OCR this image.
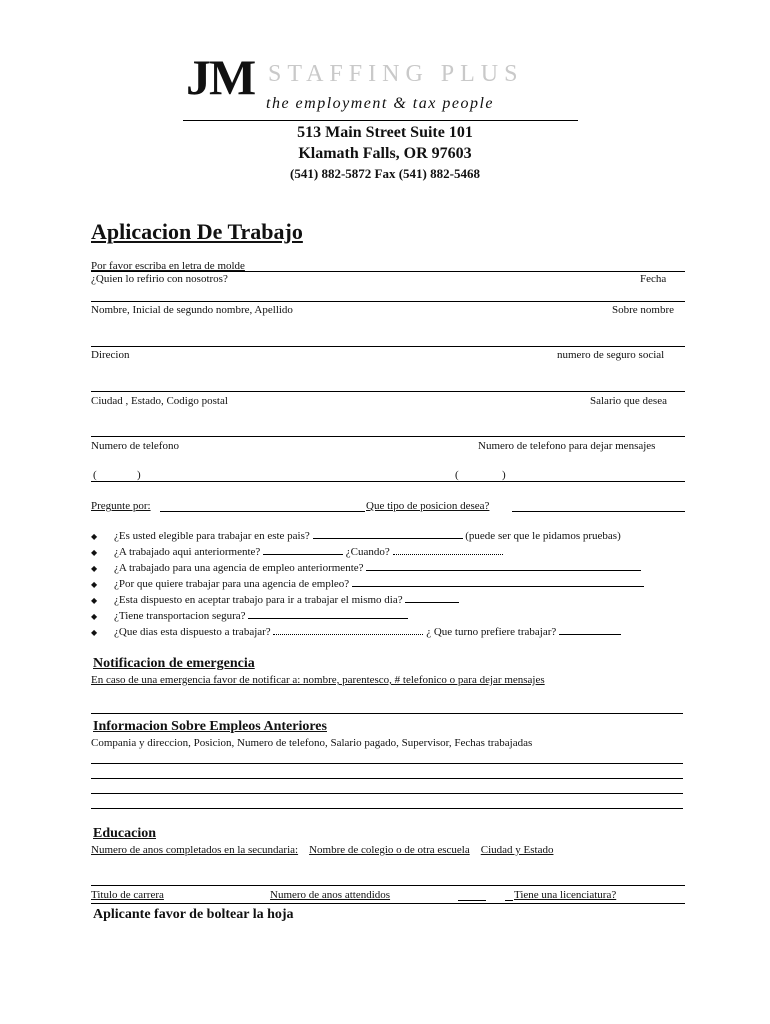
JM STAFFING PLUS
the employment & tax people
513 Main Street Suite 101
Klamath Falls, OR 97603
(541) 882-5872 Fax (541) 882-5468
Aplicacion De Trabajo
Por favor escriba en letra de molde
¿Quien lo refirio con nosotros?	Fecha
Nombre, Inicial de segundo nombre, Apellido	Sobre nombre
Direcion	numero de seguro social
Ciudad , Estado, Codigo postal	Salario que desea
Numero de telefono	Numero de telefono para dejar mensajes
(	)	(	)
Pregunte por:	Que tipo de posicion desea?
◆ ¿Es usted elegible para trabajar en este pais?	(puede ser que le pidamos pruebas)
◆ ¿A trabajado aqui anteriormente?	¿Cuando?
◆ ¿A trabajado para una agencia de empleo anteriormente?
◆ ¿Por que quiere trabajar para una agencia de empleo?
◆ ¿Esta dispuesto en aceptar trabajo para ir a trabajar el mismo dia?
◆ ¿Tiene transportacion segura?
◆ ¿Que dias esta dispuesto a trabajar?	¿ Que turno prefiere trabajar?
Notificacion de emergencia
En caso de una emergencia favor de notificar a: nombre, parentesco, # telefonico o para dejar mensajes
Informacion Sobre Empleos Anteriores
Compania y direccion, Posicion, Numero de telefono, Salario pagado, Supervisor, Fechas trabajadas
Educacion
Numero de anos completados en la secundaria: Nombre de colegio o de otra escuela Ciudad y Estado
Titulo de carrera	Numero de anos attendidos	Tiene una licenciatura?
Aplicante favor de boltear la hoja
